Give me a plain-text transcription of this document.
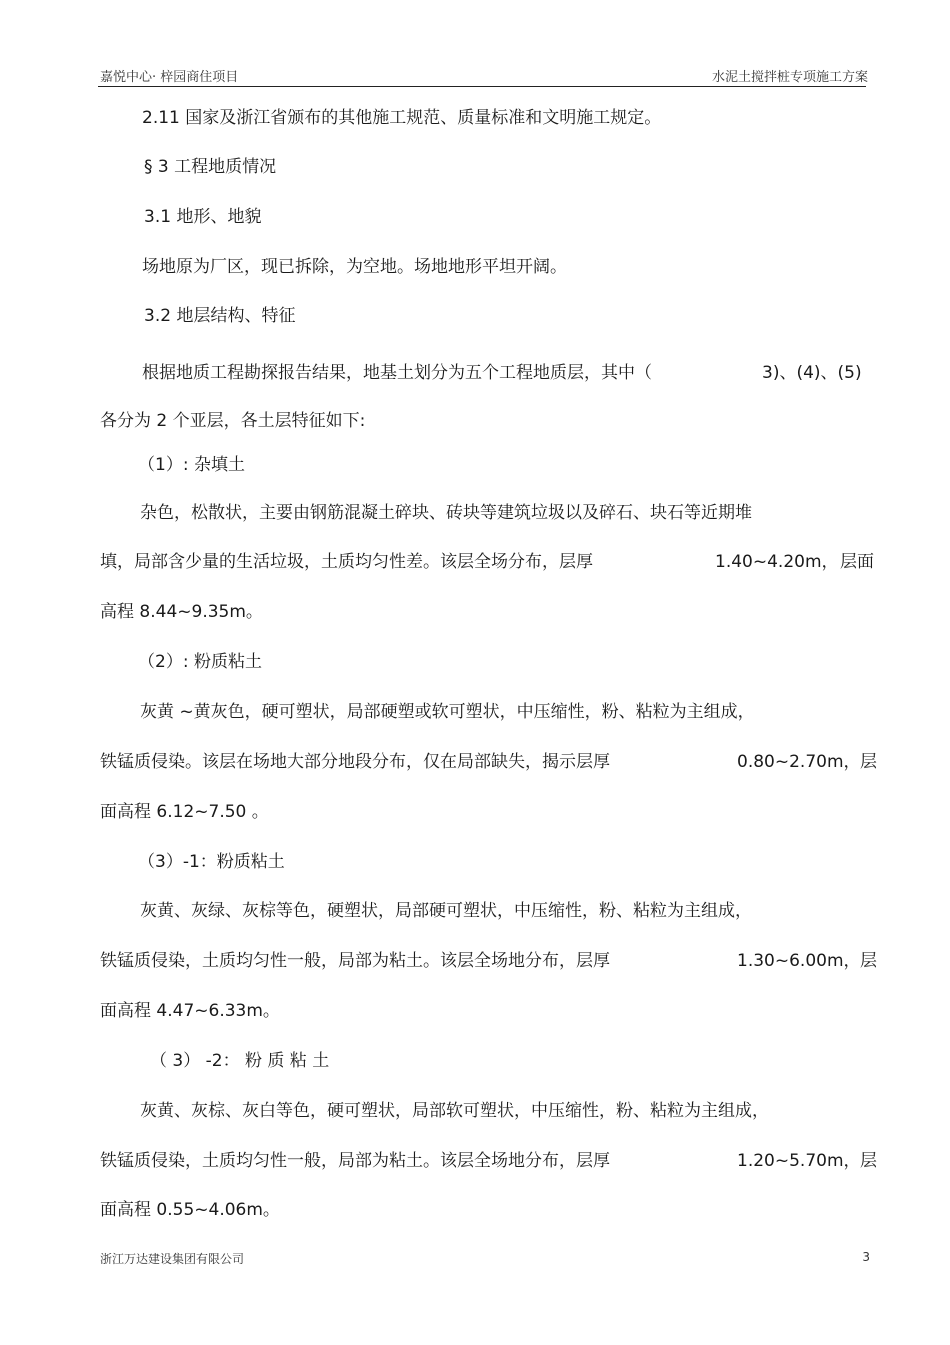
嘉悦中心· 梓园商住项目	水泥土搅拌桩专项施工方案
2.11 国家及浙江省颁布的其他施工规范、质量标准和文明施工规定。
§ 3 工程地质情况
3.1 地形、地貌
场地原为厂区，现已拆除，为空地。场地地形平坦开阔。
3.2 地层结构、特征
根据地质工程勘探报告结果，地基土划分为五个工程地质层，其中（	3)、(4)、(5)
各分为 2 个亚层，各土层特征如下:
（1）: 杂填土
杂色，松散状，主要由钢筋混凝土碎块、砖块等建筑垃圾以及碎石、块石等近期堆
填，局部含少量的生活垃圾，土质均匀性差。该层全场分布，层厚	1.40~4.20m， 层面
高程 8.44~9.35m。
（2）: 粉质粘土
灰黄 ~黄灰色，硬可塑状，局部硬塑或软可塑状，中压缩性，粉、粘粒为主组成，
铁锰质侵染。该层在场地大部分地段分布，仅在局部缺失，揭示层厚	0.80~2.70m， 层
面高程 6.12~7.50 。
（3）-1：粉质粘土
灰黄、灰绿、灰棕等色，硬塑状，局部硬可塑状，中压缩性，粉、粘粒为主组成，
铁锰质侵染，土质均匀性一般，局部为粘土。该层全场地分布，层厚	1.30~6.00m， 层
面高程 4.47~6.33m。
（ 3） -2： 粉 质 粘 土
灰黄、灰棕、灰白等色，硬可塑状，局部软可塑状，中压缩性，粉、粘粒为主组成，
铁锰质侵染，土质均匀性一般，局部为粘土。该层全场地分布，层厚	1.20~5.70m， 层
面高程 0.55~4.06m。
浙江万达建设集团有限公司	3
